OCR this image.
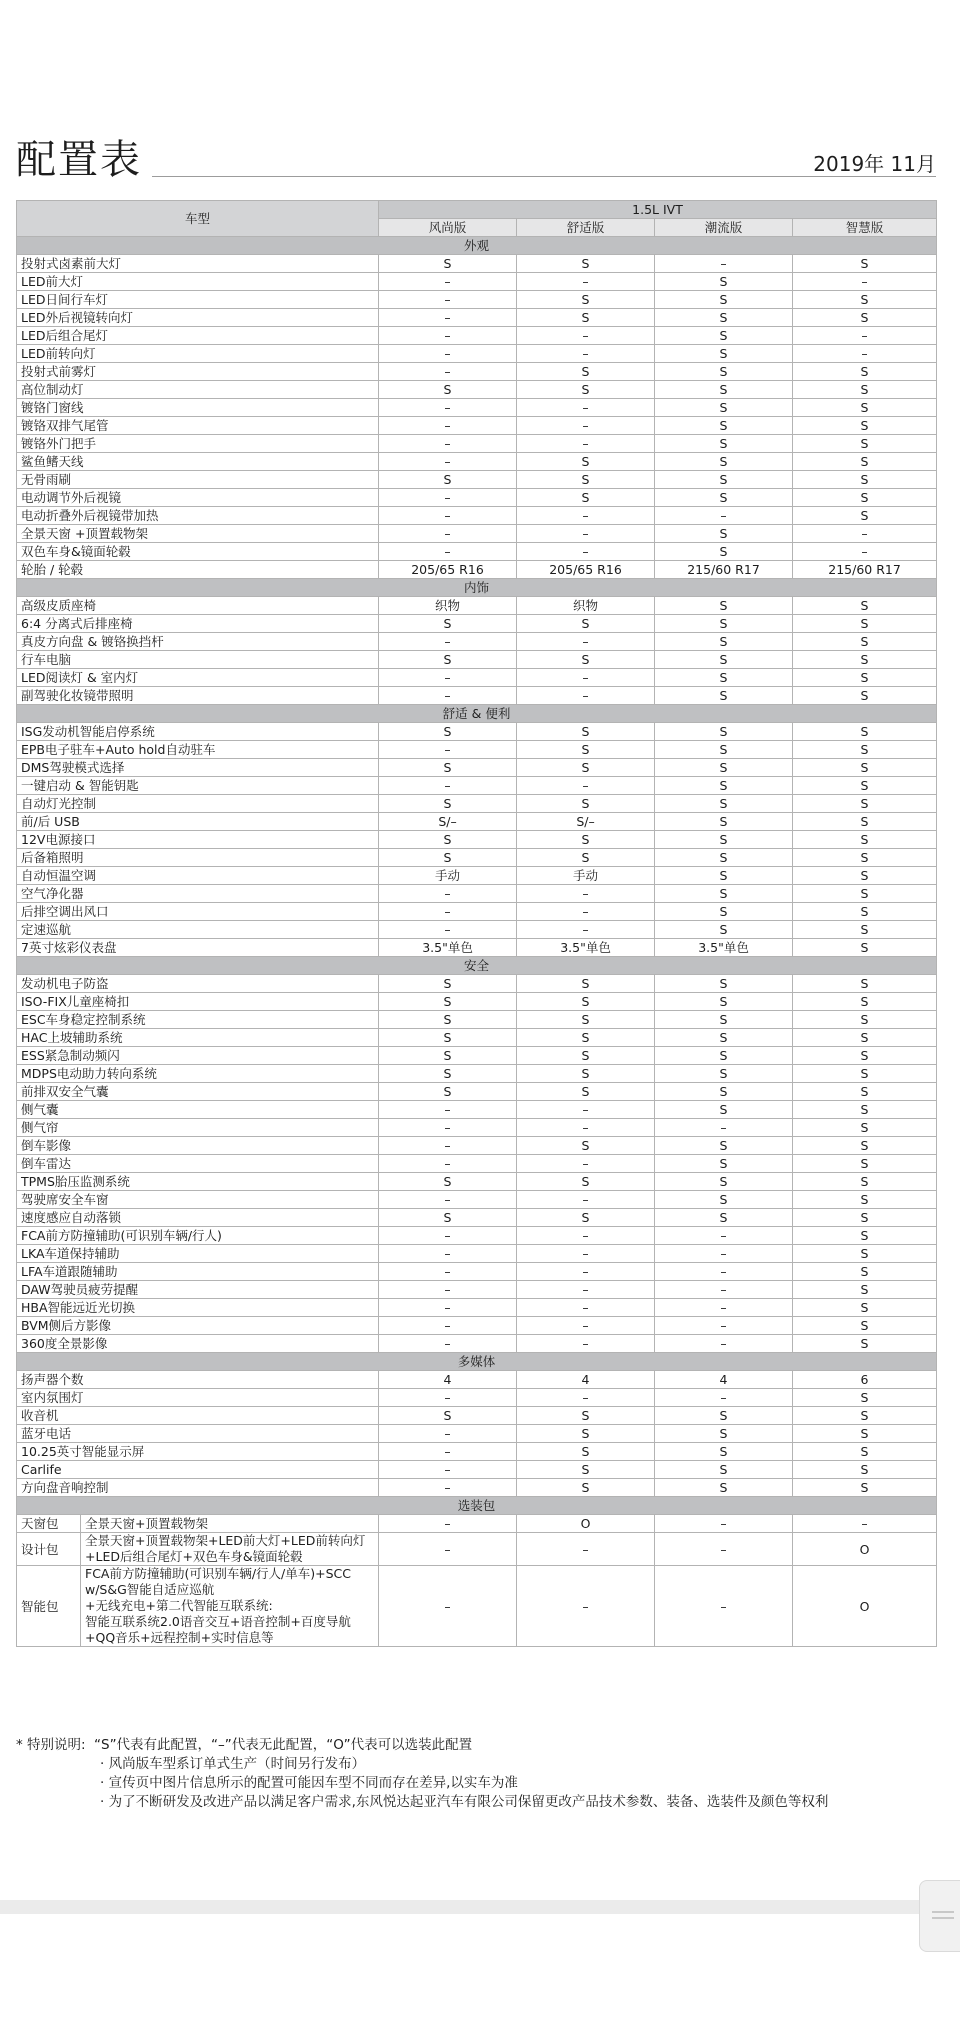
配置表	2019年 11月
车型		1.5L IVT			
		风尚版	舒适版	潮流版	智慧版
外观					
投射式卤素前大灯		S	S	–	S
LED前大灯		–	–	S	–
LED日间行车灯		–	S	S	S
LED外后视镜转向灯		–	S	S	S
LED后组合尾灯		–	–	S	–
LED前转向灯		–	–	S	–
投射式前雾灯		–	S	S	S
高位制动灯		S	S	S	S
镀铬门窗线		–	–	S	S
镀铬双排气尾管		–	–	S	S
镀铬外门把手		–	–	S	S
鲨鱼鳍天线		–	S	S	S
无骨雨刷		S	S	S	S
电动调节外后视镜		–	S	S	S
电动折叠外后视镜带加热		–	–	–	S
全景天窗 +顶置载物架		–	–	S	–
双色车身&镜面轮毂		–	–	S	–
轮胎 / 轮毂		205/65 R16	205/65 R16	215/60 R17	215/60 R17
内饰					
高级皮质座椅		织物	织物	S	S
6:4 分离式后排座椅		S	S	S	S
真皮方向盘 & 镀铬换挡杆		–	–	S	S
行车电脑		S	S	S	S
LED阅读灯 & 室内灯		–	–	S	S
副驾驶化妆镜带照明		–	–	S	S
舒适 & 便利					
ISG发动机智能启停系统		S	S	S	S
EPB电子驻车+Auto hold自动驻车		–	S	S	S
DMS驾驶模式选择		S	S	S	S
一键启动 & 智能钥匙		–	–	S	S
自动灯光控制		S	S	S	S
前/后 USB		S/–	S/–	S	S
12V电源接口		S	S	S	S
后备箱照明		S	S	S	S
自动恒温空调		手动	手动	S	S
空气净化器		–	–	S	S
后排空调出风口		–	–	S	S
定速巡航		–	–	S	S
7英寸炫彩仪表盘		3.5"单色	3.5"单色	3.5"单色	S
安全					
发动机电子防盗		S	S	S	S
ISO-FIX儿童座椅扣		S	S	S	S
ESC车身稳定控制系统		S	S	S	S
HAC上坡辅助系统		S	S	S	S
ESS紧急制动频闪		S	S	S	S
MDPS电动助力转向系统		S	S	S	S
前排双安全气囊		S	S	S	S
侧气囊		–	–	S	S
侧气帘		–	–	–	S
倒车影像		–	S	S	S
倒车雷达		–	–	S	S
TPMS胎压监测系统		S	S	S	S
驾驶席安全车窗		–	–	S	S
速度感应自动落锁		S	S	S	S
FCA前方防撞辅助(可识别车辆/行人)		–	–	–	S
LKA车道保持辅助		–	–	–	S
LFA车道跟随辅助		–	–	–	S
DAW驾驶员疲劳提醒		–	–	–	S
HBA智能远近光切换		–	–	–	S
BVM侧后方影像		–	–	–	S
360度全景影像		–	–	–	S
多媒体					
扬声器个数		4	4	4	6
室内氛围灯		–	–	–	S
收音机		S	S	S	S
蓝牙电话		–	S	S	S
10.25英寸智能显示屏		–	S	S	S
Carlife		–	S	S	S
方向盘音响控制		–	S	S	S
选装包					
天窗包	全景天窗+顶置载物架	–	O	–	–
设计包	全景天窗+顶置载物架+LED前大灯+LED前转向灯
+LED后组合尾灯+双色车身&镜面轮毂	–	–	–	O
智能包	FCA前方防撞辅助(可识别车辆/行人/单车)+SCC
w/S&G智能自适应巡航
+无线充电+第二代智能互联系统:
智能互联系统2.0语音交互+语音控制+百度导航
+QQ音乐+远程控制+实时信息等	–	–	–	O
* 特别说明: “S”代表有此配置，“–”代表无此配置，“O”代表可以选装此配置
· 风尚版车型系订单式生产（时间另行发布）
· 宣传页中图片信息所示的配置可能因车型不同而存在差异,以实车为准
· 为了不断研发及改进产品以满足客户需求,东风悦达起亚汽车有限公司保留更改产品技术参数、装备、选装件及颜色等权利
